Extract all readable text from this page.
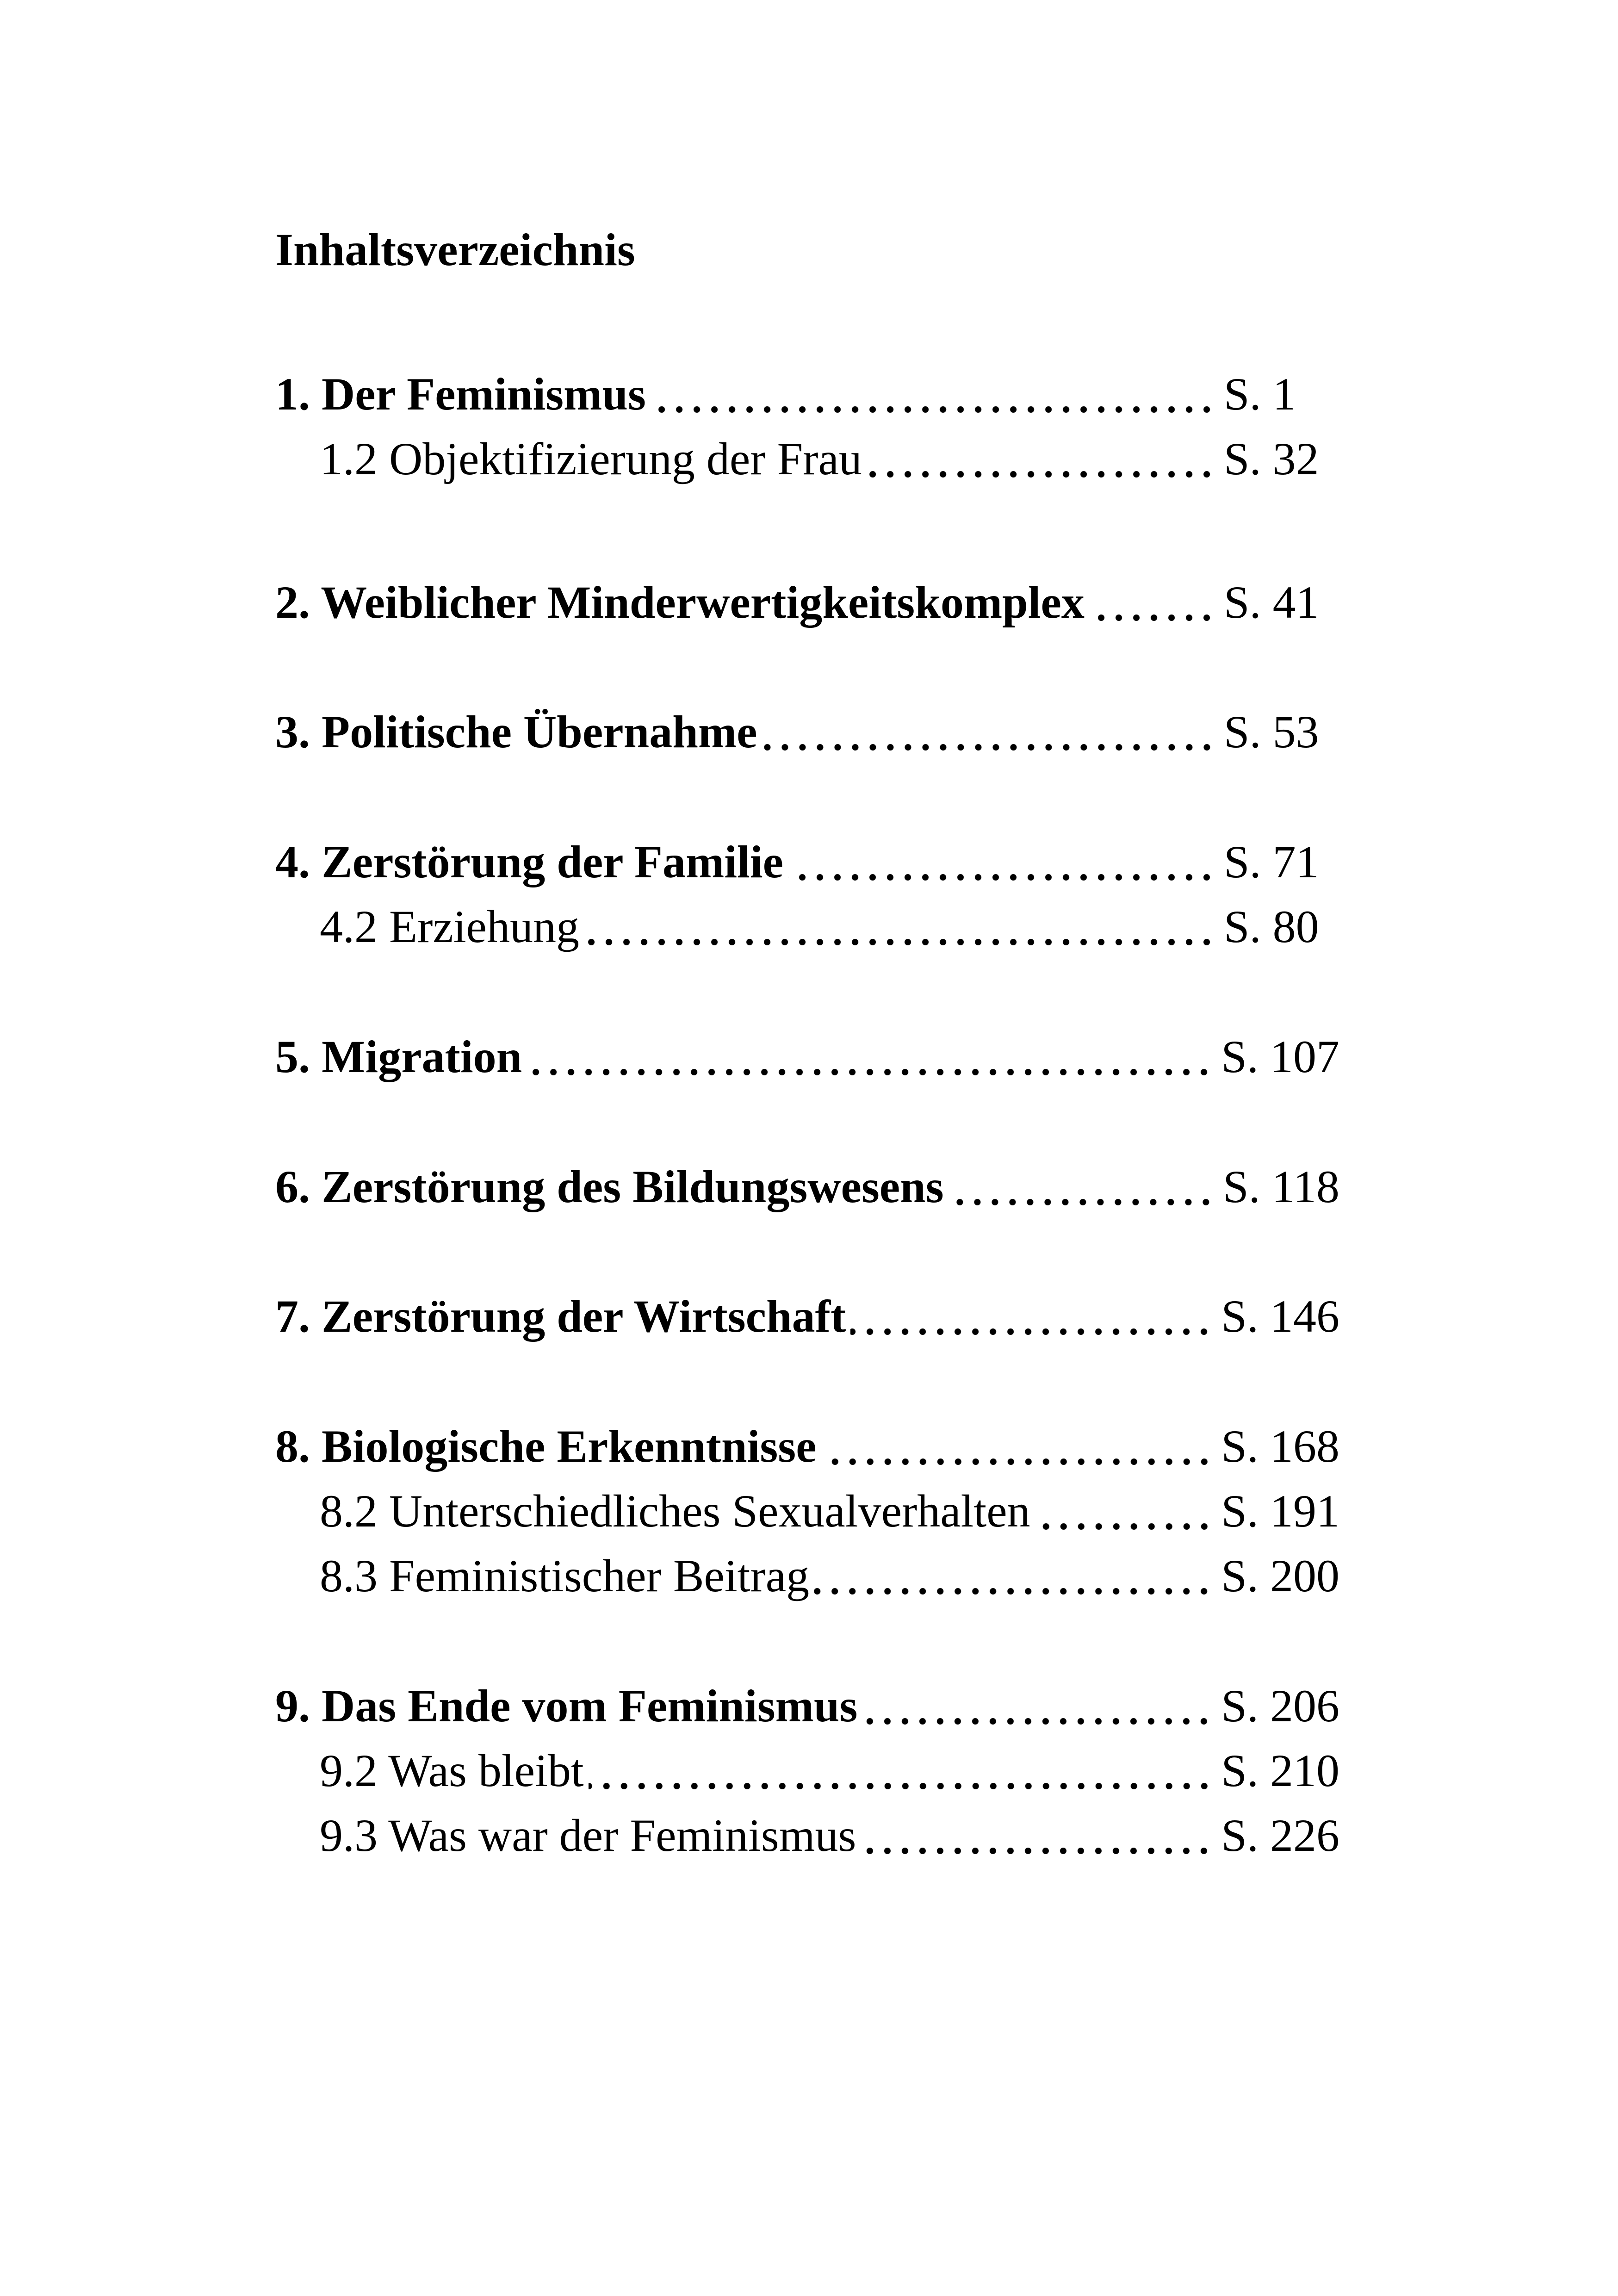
Inhaltsverzeichnis
1. Der Feminismus	S. 1
1.2 Objektifizierung der Frau	S. 32
2. Weiblicher Minderwertigkeitskomplex	S. 41
3. Politische Übernahme	S. 53
4. Zerstörung der Familie	S. 71
4.2 Erziehung	S. 80
5. Migration	S. 107
6. Zerstörung des Bildungswesens	S. 118
7. Zerstörung der Wirtschaft	S. 146
8. Biologische Erkenntnisse	S. 168
8.2 Unterschiedliches Sexualverhalten	S. 191
8.3 Feministischer Beitrag	S. 200
9. Das Ende vom Feminismus	S. 206
9.2 Was bleibt	S. 210
9.3 Was war der Feminismus	S. 226
